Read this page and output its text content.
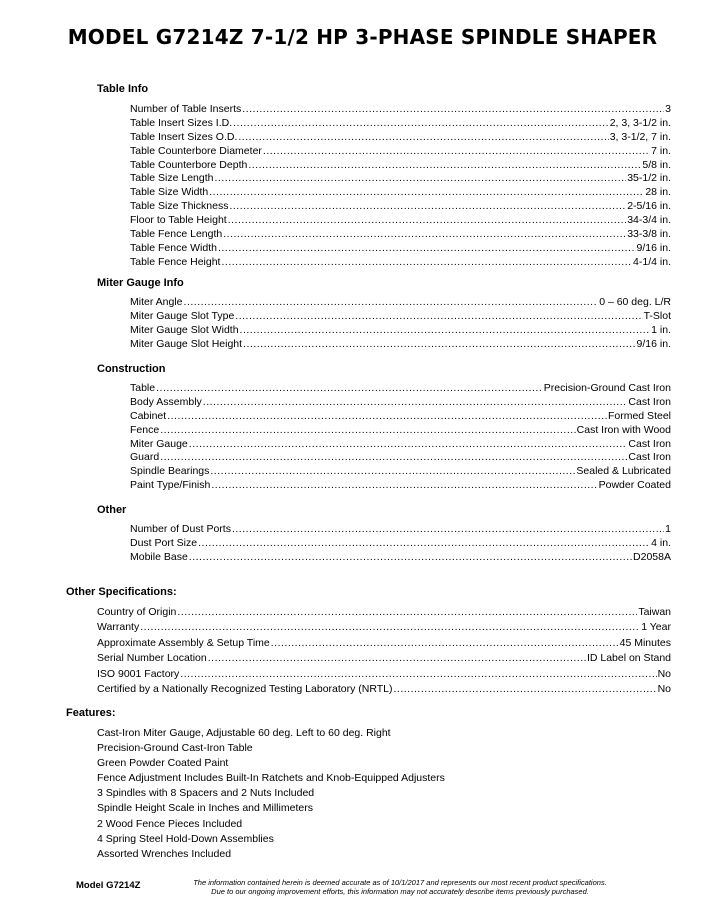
MODEL G7214Z 7-1/2 HP 3-PHASE SPINDLE SHAPER
Table Info
Number of Table Inserts .....	3
Table Insert Sizes I.D. .....	2, 3, 3-1/2 in.
Table Insert Sizes O.D. .....	3, 3-1/2, 7 in.
Table Counterbore Diameter .....	7 in.
Table Counterbore Depth .....	5/8 in.
Table Size Length .....	35-1/2 in.
Table Size Width .....	28 in.
Table Size Thickness .....	2-5/16 in.
Floor to Table Height .....	34-3/4 in.
Table Fence Length .....	33-3/8 in.
Table Fence Width .....	9/16 in.
Table Fence Height .....	4-1/4 in.
Miter Gauge Info
Miter Angle .....	0 – 60 deg. L/R
Miter Gauge Slot Type .....	T-Slot
Miter Gauge Slot Width .....	1 in.
Miter Gauge Slot Height .....	9/16 in.
Construction
Table .....	Precision-Ground Cast Iron
Body Assembly .....	Cast Iron
Cabinet .....	Formed Steel
Fence .....	Cast Iron with Wood
Miter Gauge .....	Cast Iron
Guard .....	Cast Iron
Spindle Bearings .....	Sealed & Lubricated
Paint Type/Finish .....	Powder Coated
Other
Number of Dust Ports .....	1
Dust Port Size .....	4 in.
Mobile Base .....	D2058A
Other Specifications:
Country of Origin .....	Taiwan
Warranty .....	1 Year
Approximate Assembly & Setup Time .....	45 Minutes
Serial Number Location .....	ID Label on Stand
ISO 9001 Factory .....	No
Certified by a Nationally Recognized Testing Laboratory (NRTL) .....	No
Features:
Cast-Iron Miter Gauge, Adjustable 60 deg. Left to 60 deg. Right
Precision-Ground Cast-Iron Table
Green Powder Coated Paint
Fence Adjustment Includes Built-In Ratchets and Knob-Equipped Adjusters
3 Spindles with 8 Spacers and 2 Nuts Included
Spindle Height Scale in Inches and Millimeters
2 Wood Fence Pieces Included
4 Spring Steel Hold-Down Assemblies
Assorted Wrenches Included
Model G7214Z	The information contained herein is deemed accurate as of 10/1/2017 and represents our most recent product specifications.
Due to our ongoing improvement efforts, this information may not accurately describe items previously purchased.
